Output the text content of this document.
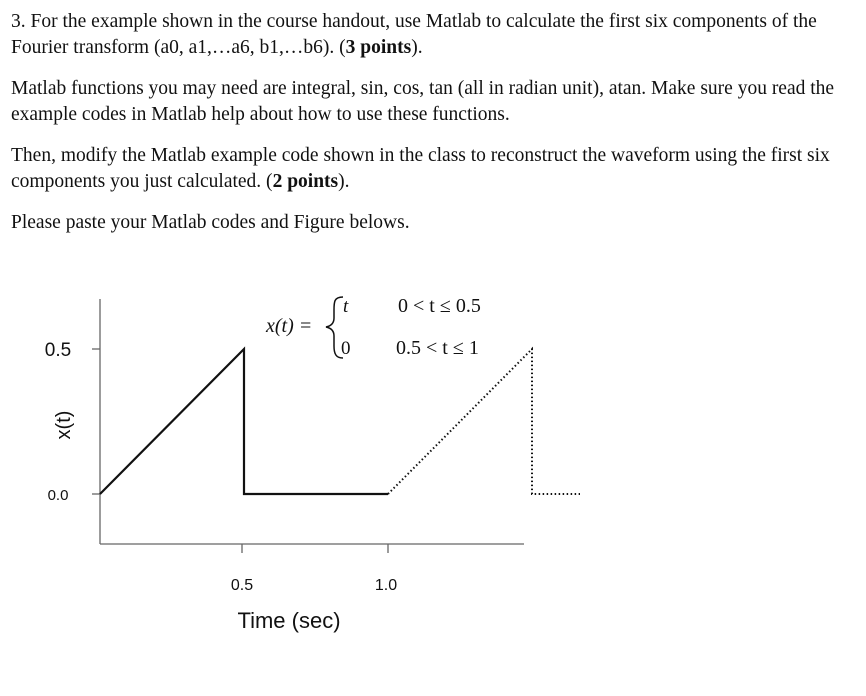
3. For the example shown in the course handout, use Matlab to calculate the first six components of the Fourier transform (a0, a1,…a6, b1,…b6). (3 points).

Matlab functions you may need are integral, sin, cos, tan (all in radian unit), atan. Make sure you read the example codes in Matlab help about how to use these functions.

Then, modify the Matlab example code shown in the class to reconstruct the waveform using the first six components you just calculated. (2 points).

Please paste your Matlab codes and Figure belows.

0.5
0.0
0.5	1.0
x(t)
Time (sec)
x(t) =
t 0 < t ≤ 0.5
0 0.5 < t ≤ 1
